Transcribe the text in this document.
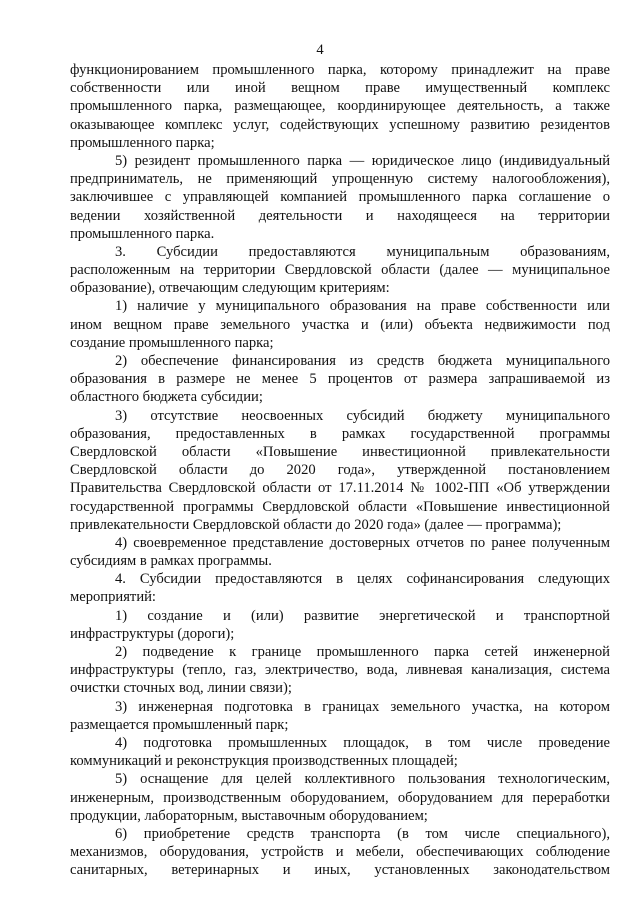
4
функционированием промышленного парка, которому принадлежит на праве
собственности или иной вещном праве имущественный комплекс
промышленного парка, размещающее, координирующее деятельность, а также
оказывающее комплекс услуг, содействующих успешному развитию резидентов
промышленного парка;
5) резидент промышленного парка — юридическое лицо (индивидуальный
предприниматель, не применяющий упрощенную систему налогообложения),
заключившее с управляющей компанией промышленного парка соглашение о
ведении хозяйственной деятельности и находящееся на территории
промышленного парка.
3. Субсидии предоставляются муниципальным образованиям,
расположенным на территории Свердловской области (далее — муниципальное
образование), отвечающим следующим критериям:
1) наличие у муниципального образования на праве собственности или
ином вещном праве земельного участка и (или) объекта недвижимости под
создание промышленного парка;
2) обеспечение финансирования из средств бюджета муниципального
образования в размере не менее 5 процентов от размера запрашиваемой из
областного бюджета субсидии;
3) отсутствие неосвоенных субсидий бюджету муниципального
образования, предоставленных в рамках государственной программы
Свердловской области «Повышение инвестиционной привлекательности
Свердловской области до 2020 года», утвержденной постановлением
Правительства Свердловской области от 17.11.2014 № 1002-ПП «Об утверждении
государственной программы Свердловской области «Повышение инвестиционной
привлекательности Свердловской области до 2020 года» (далее — программа);
4) своевременное представление достоверных отчетов по ранее полученным
субсидиям в рамках программы.
4. Субсидии предоставляются в целях софинансирования следующих
мероприятий:
1) создание и (или) развитие энергетической и транспортной
инфраструктуры (дороги);
2) подведение к границе промышленного парка сетей инженерной
инфраструктуры (тепло, газ, электричество, вода, ливневая канализация, система
очистки сточных вод, линии связи);
3) инженерная подготовка в границах земельного участка, на котором
размещается промышленный парк;
4) подготовка промышленных площадок, в том числе проведение
коммуникаций и реконструкция производственных площадей;
5) оснащение для целей коллективного пользования технологическим,
инженерным, производственным оборудованием, оборудованием для переработки
продукции, лабораторным, выставочным оборудованием;
6) приобретение средств транспорта (в том числе специального),
механизмов, оборудования, устройств и мебели, обеспечивающих соблюдение
санитарных, ветеринарных и иных, установленных законодательством
